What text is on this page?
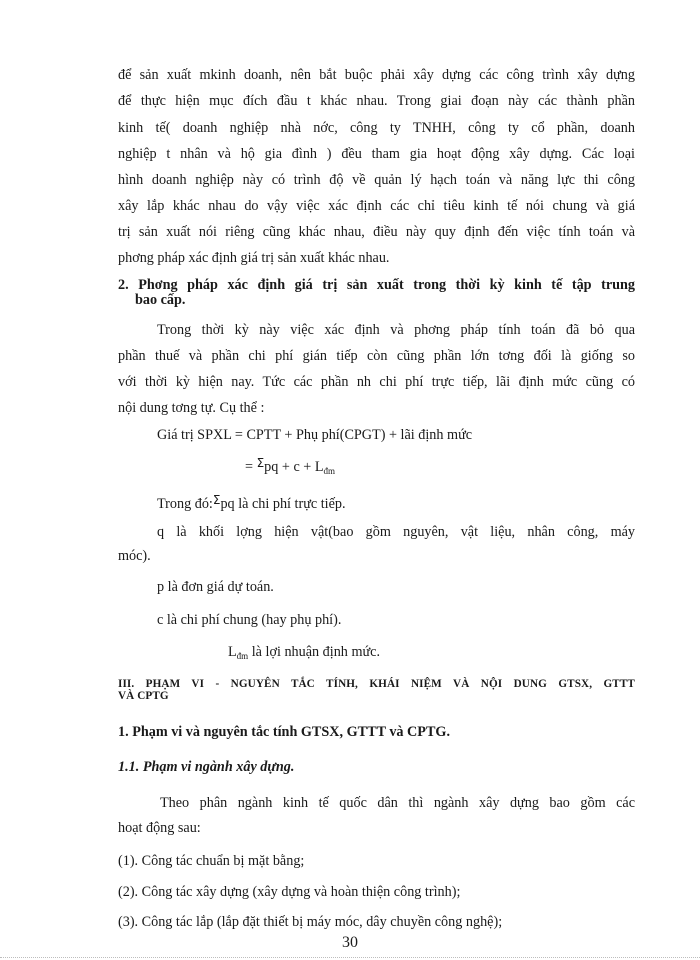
để sản xuất mkinh doanh, nên bắt buộc phải xây dựng các công trình xây dựng
để thực hiện mục đích đầu t khác nhau. Trong giai đoạn này các thành phần
kinh tế( doanh nghiệp nhà nớc, công ty TNHH, công ty cổ phần, doanh
nghiệp t nhân và hộ gia đình ) đều tham gia hoạt động xây dựng. Các loại
hình doanh nghiệp này có trình độ về quản lý hạch toán và năng lực thi công
xây lắp khác nhau do vậy việc xác định các chỉ tiêu kinh tế nói chung và giá
trị sản xuất nói riêng cũng khác nhau, điều này quy định đến việc tính toán và
phơng pháp xác định giá trị sản xuất khác nhau.
2. Phơng pháp xác định giá trị sản xuất trong thời kỳ kinh tế tập trung
bao cấp.
Trong thời kỳ này việc xác định và phơng pháp tính toán đã bỏ qua
phần thuế và phần chi phí gián tiếp còn cũng phần lớn tơng đối là giống so
với thời kỳ hiện nay. Tức các phần nh chi phí trực tiếp, lãi định mức cũng có
nội dung tơng tự. Cụ thể :
Giá trị SPXL = CPTT + Phụ phí(CPGT) + lãi định mức
= $^\Sigma pq + c + L_{đm}$
Trong đó:$^\Sigma$pq là chi phí trực tiếp.
q là khối lợng hiện vật(bao gồm nguyên, vật liệu, nhân công, máy
móc).
p là đơn giá dự toán.
c là chi phí chung (hay phụ phí).
$L_{đm}$ là lợi nhuận định mức.
III. PHẠM VI - NGUYÊN TẮC TÍNH, KHÁI NIỆM VÀ NỘI DUNG GTSX, GTTT
VÀ CPTG
1. Phạm vi và nguyên tắc tính GTSX, GTTT và CPTG.
1.1. Phạm vi ngành xây dựng.
Theo phân ngành kinh tế quốc dân thì ngành xây dựng bao gồm các
hoạt động sau:
(1). Công tác chuẩn bị mặt bằng;
(2). Công tác xây dựng (xây dựng và hoàn thiện công trình);
(3). Công tác lắp (lắp đặt thiết bị máy móc, dây chuyền công nghệ);
30
